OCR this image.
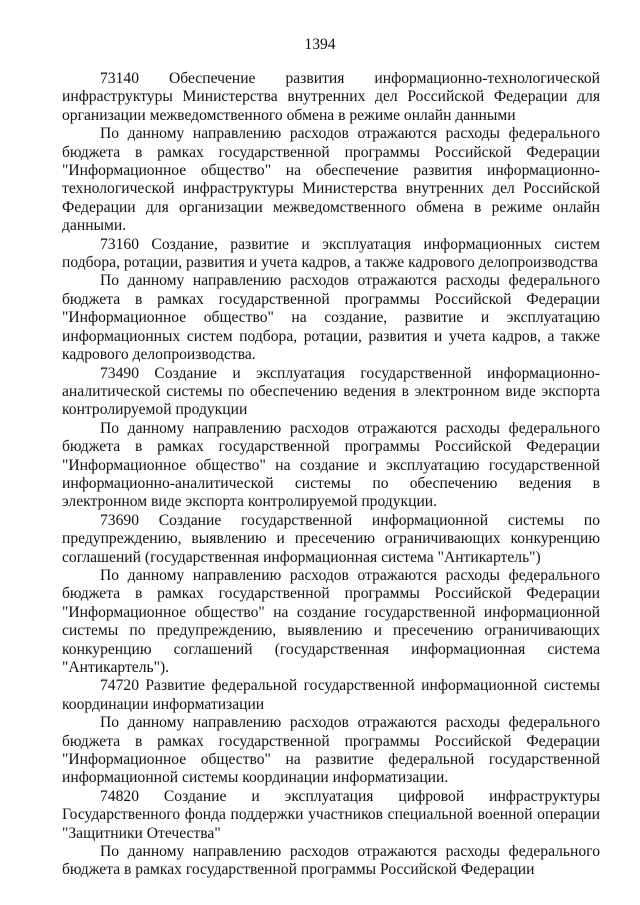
1394

73140 Обеспечение развития информационно-технологической инфраструктуры Министерства внутренних дел Российской Федерации для организации межведомственного обмена в режиме онлайн данными

По данному направлению расходов отражаются расходы федерального бюджета в рамках государственной программы Российской Федерации "Информационное общество" на обеспечение развития информационно-технологической инфраструктуры Министерства внутренних дел Российской Федерации для организации межведомственного обмена в режиме онлайн данными.

73160 Создание, развитие и эксплуатация информационных систем подбора, ротации, развития и учета кадров, а также кадрового делопроизводства

По данному направлению расходов отражаются расходы федерального бюджета в рамках государственной программы Российской Федерации "Информационное общество" на создание, развитие и эксплуатацию информационных систем подбора, ротации, развития и учета кадров, а также кадрового делопроизводства.

73490 Создание и эксплуатация государственной информационно-аналитической системы по обеспечению ведения в электронном виде экспорта контролируемой продукции

По данному направлению расходов отражаются расходы федерального бюджета в рамках государственной программы Российской Федерации "Информационное общество" на создание и эксплуатацию государственной информационно-аналитической системы по обеспечению ведения в электронном виде экспорта контролируемой продукции.

73690 Создание государственной информационной системы по предупреждению, выявлению и пресечению ограничивающих конкуренцию соглашений (государственная информационная система "Антикартель")

По данному направлению расходов отражаются расходы федерального бюджета в рамках государственной программы Российской Федерации "Информационное общество" на создание государственной информационной системы по предупреждению, выявлению и пресечению ограничивающих конкуренцию соглашений (государственная информационная система "Антикартель").

74720 Развитие федеральной государственной информационной системы координации информатизации

По данному направлению расходов отражаются расходы федерального бюджета в рамках государственной программы Российской Федерации "Информационное общество" на развитие федеральной государственной информационной системы координации информатизации.

74820 Создание и эксплуатация цифровой инфраструктуры Государственного фонда поддержки участников специальной военной операции "Защитники Отечества"

По данному направлению расходов отражаются расходы федерального бюджета в рамках государственной программы Российской Федерации
